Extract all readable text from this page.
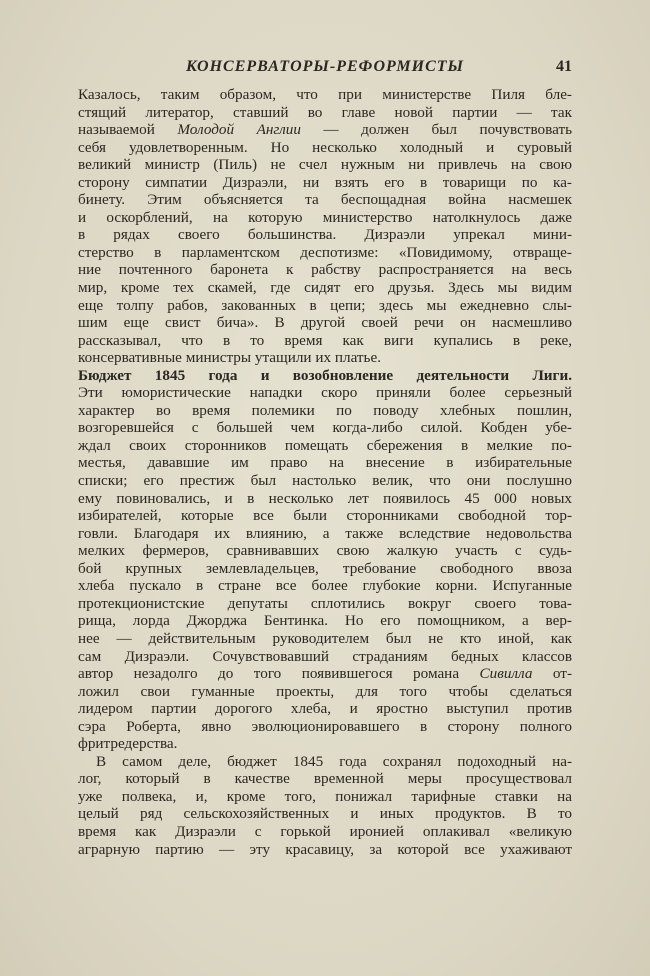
КОНСЕРВАТОРЫ-РЕФОРМИСТЫ	41
Казалось, таким образом, что при министерстве Пиля бле-
стящий литератор, ставший во главе новой партии — так
называемой Молодой Англии — должен был почувствовать
себя удовлетворенным. Но несколько холодный и суровый
великий министр (Пиль) не счел нужным ни привлечь на свою
сторону симпатии Дизраэли, ни взять его в товарищи по ка-
бинету. Этим объясняется та беспощадная война насмешек
и оскорблений, на которую министерство натолкнулось даже
в рядах своего большинства. Дизраэли упрекал мини-
стерство в парламентском деспотизме: «Повидимому, отвраще-
ние почтенного баронета к рабству распространяется на весь
мир, кроме тех скамей, где сидят его друзья. Здесь мы видим
еще толпу рабов, закованных в цепи; здесь мы ежедневно слы-
шим еще свист бича». В другой своей речи он насмешливо
рассказывал, что в то время как виги купались в реке,
консервативные министры утащили их платье.
Бюджет 1845 года и возобновление деятельности Лиги.
Эти юмористические нападки скоро приняли более серьезный
характер во время полемики по поводу хлебных пошлин,
возгоревшейся с большей чем когда-либо силой. Кобден убе-
ждал своих сторонников помещать сбережения в мелкие по-
местья, дававшие им право на внесение в избирательные
списки; его престиж был настолько велик, что они послушно
ему повиновались, и в несколько лет появилось 45 000 новых
избирателей, которые все были сторонниками свободной тор-
говли. Благодаря их влиянию, а также вследствие недовольства
мелких фермеров, сравнивавших свою жалкую участь с судь-
бой крупных землевладельцев, требование свободного ввоза
хлеба пускало в стране все более глубокие корни. Испуганные
протекционистские депутаты сплотились вокруг своего това-
рища, лорда Джорджа Бентинка. Но его помощником, а вер-
нее — действительным руководителем был не кто иной, как
сам Дизраэли. Сочувствовавший страданиям бедных классов
автор незадолго до того появившегося романа Сивилла от-
ложил свои гуманные проекты, для того чтобы сделаться
лидером партии дорогого хлеба, и яростно выступил против
сэра Роберта, явно эволюционировавшего в сторону полного
фритредерства.
В самом деле, бюджет 1845 года сохранял подоходный на-
лог, который в качестве временной меры просуществовал
уже полвека, и, кроме того, понижал тарифные ставки на
целый ряд сельскохозяйственных и иных продуктов. В то
время как Дизраэли с горькой иронией оплакивал «великую
аграрную партию — эту красавицу, за которой все ухаживают
